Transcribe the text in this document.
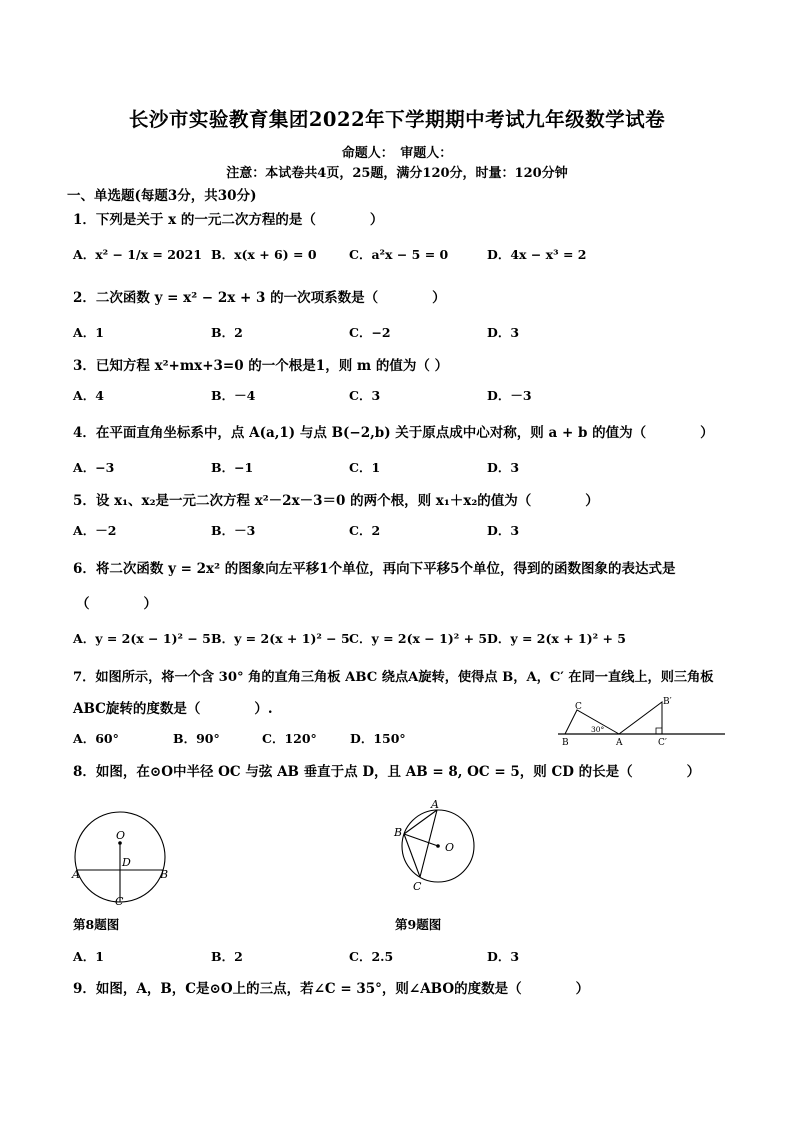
长沙市实验教育集团2022年下学期期中考试九年级数学试卷
命题人：　审题人：
注意：本试卷共4页，25题，满分120分，时量：120分钟
一、单选题(每题3分，共30分)
1．下列是关于 x 的一元二次方程的是（　　　　）
A．x² − 1/x = 2021 B．x(x + 6) = 0	C．a²x − 5 = 0	D．4x − x³ = 2
2．二次函数 y = x² − 2x + 3 的一次项系数是（　　　　）
A．1	B．2	C．−2	D．3
3．已知方程 x²+mx+3=0 的一个根是1，则 m 的值为（ ）
A．4	B．－4	C．3	D．－3
4．在平面直角坐标系中，点 A(a,1) 与点 B(−2,b) 关于原点成中心对称，则 a + b 的值为（　　　　）
A．−3	B．−1	C．1	D．3
5．设 x₁、x₂是一元二次方程 x²－2x－3＝0 的两个根，则 x₁＋x₂的值为（　　　　）
A．－2	B．－3	C．2	D．3
6．将二次函数 y = 2x² 的图象向左平移1个单位，再向下平移5个单位，得到的函数图象的表达式是
（　　　　）
A．y = 2(x − 1)² − 5 B．y = 2(x + 1)² − 5 C．y = 2(x − 1)² + 5 D．y = 2(x + 1)² + 5
7．如图所示，将一个含 30° 角的直角三角板 ABC 绕点A旋转，使得点 B，A，C′ 在同一直线上，则三角板
ABC旋转的度数是（　　　　）.
A．60°	B．90°	C．120°	D．150°	B
C
30°
A
B′
C′
8．如图，在⊙O中半径 OC 与弦 AB 垂直于点 D，且 AB = 8, OC = 5，则 CD 的长是（　　　　）
O
D
A	B
C
第8题图
A
B
O
C
第9题图
A．1	B．2	C．2.5	D．3
9．如图，A，B，C是⊙O上的三点，若∠C = 35°，则∠ABO的度数是（　　　　）
